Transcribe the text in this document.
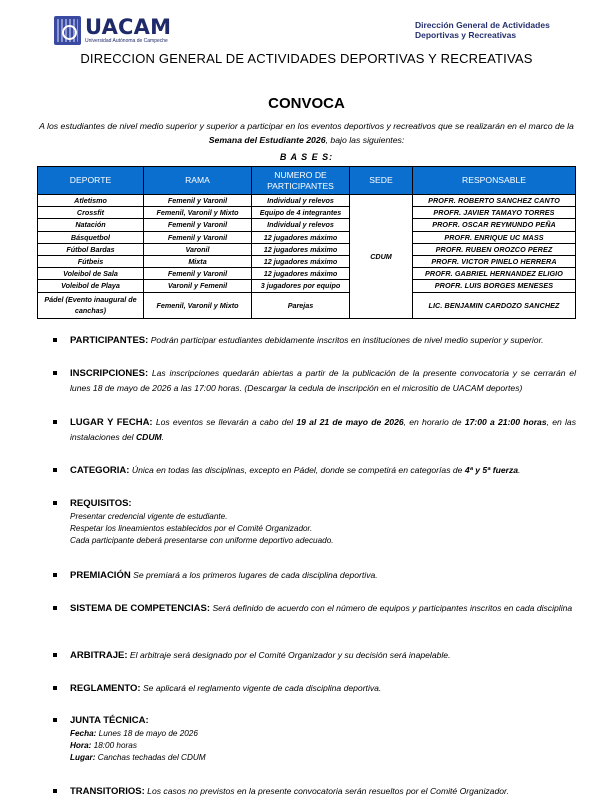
UACAM
Universidad Autónoma de Campeche
Dirección General de Actividades
Deportivas y Recreativas
DIRECCION GENERAL DE ACTIVIDADES DEPORTIVAS Y RECREATIVAS
CONVOCA
A los estudiantes de nivel medio superior y superior a participar en los eventos deportivos y recreativos que se realizarán en el marco de la Semana del Estudiante 2026, bajo las siguientes:
B A S E S:
DEPORTE	RAMA	NUMERO DE PARTICIPANTES	SEDE	RESPONSABLE
Atletismo	Femenil y Varonil	Individual y relevos	CDUM	PROFR. ROBERTO SANCHEZ CANTO
Crossfit	Femenil, Varonil y Mixto	Equipo de 4 integrantes		PROFR. JAVIER TAMAYO TORRES
Natación	Femenil y Varonil	Individual y relevos		PROFR. OSCAR REYMUNDO PEÑA
Básquetbol	Femenil y Varonil	12 jugadores máximo		PROFR. ENRIQUE UC MASS
Fútbol Bardas	Varonil	12 jugadores máximo		PROFR. RUBEN OROZCO PEREZ
Fútbeis	Mixta	12 jugadores máximo		PROFR. VICTOR PINELO HERRERA
Voleibol de Sala	Femenil y Varonil	12 jugadores máximo		PROFR. GABRIEL HERNANDEZ ELIGIO
Voleibol de Playa	Varonil y Femenil	3 jugadores por equipo		PROFR. LUIS BORGES MENESES
Pádel (Evento inaugural de canchas)	Femenil, Varonil y Mixto	Parejas		LIC. BENJAMIN CARDOZO SANCHEZ
PARTICIPANTES: Podrán participar estudiantes debidamente inscritos en instituciones de nivel medio superior y superior.
INSCRIPCIONES: Las inscripciones quedarán abiertas a partir de la publicación de la presente convocatoria y se cerrarán el lunes 18 de mayo de 2026 a las 17:00 horas. (Descargar la cedula de inscripción en el micrositio de UACAM deportes)
LUGAR Y FECHA: Los eventos se llevarán a cabo del 19 al 21 de mayo de 2026, en horario de 17:00 a 21:00 horas, en las instalaciones del CDUM.
CATEGORIA: Única en todas las disciplinas, excepto en Pádel, donde se competirá en categorías de 4ª y 5ª fuerza.
REQUISITOS:
Presentar credencial vigente de estudiante.
Respetar los lineamientos establecidos por el Comité Organizador.
Cada participante deberá presentarse con uniforme deportivo adecuado.
PREMIACIÓN Se premiará a los primeros lugares de cada disciplina deportiva.
SISTEMA DE COMPETENCIAS: Será definido de acuerdo con el número de equipos y participantes inscritos en cada disciplina
ARBITRAJE: El arbitraje será designado por el Comité Organizador y su decisión será inapelable.
REGLAMENTO: Se aplicará el reglamento vigente de cada disciplina deportiva.
JUNTA TÉCNICA:
Fecha: Lunes 18 de mayo de 2026
Hora: 18:00 horas
Lugar: Canchas techadas del CDUM
TRANSITORIOS: Los casos no previstos en la presente convocatoria serán resueltos por el Comité Organizador.
